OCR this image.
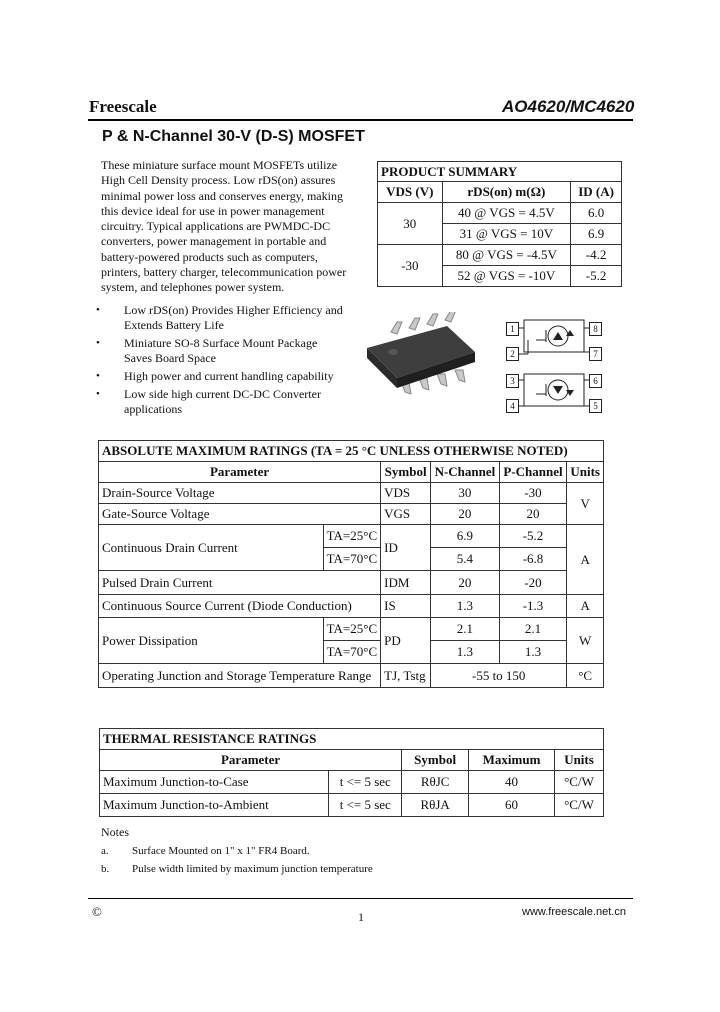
Freescale	AO4620/MC4620
P & N-Channel 30-V (D-S) MOSFET
These miniature surface mount MOSFETs utilize High Cell Density process. Low rDS(on) assures minimal power loss and conserves energy, making this device ideal for use in power management circuitry. Typical applications are PWMDC-DC converters, power management in portable and battery-powered products such as computers, printers, battery charger, telecommunication power system, and telephones power system.
• Low rDS(on) Provides Higher Efficiency and Extends Battery Life
• Miniature SO-8 Surface Mount Package Saves Board Space
• High power and current handling capability
• Low side high current DC-DC Converter applications
PRODUCT SUMMARY		
VDS (V)	rDS(on) m(Ω)	ID (A)
30	40 @ VGS = 4.5V	6.0
	31 @ VGS = 10V	6.9
-30	80 @ VGS = -4.5V	-4.2
	52 @ VGS = -10V	-5.2
1
2
3
4
8
7
6
5
ABSOLUTE MAXIMUM RATINGS (TA = 25 °C UNLESS OTHERWISE NOTED)					
Parameter		Symbol	N-Channel	P-Channel	Units
Drain-Source Voltage		VDS	30	-30	V
Gate-Source Voltage		VGS	20	20	
Continuous Drain Current	TA=25°C	ID	6.9	-5.2	A
	TA=70°C		5.4	-6.8	
Pulsed Drain Current		IDM	20	-20	
Continuous Source Current (Diode Conduction)		IS	1.3	-1.3	A
Power Dissipation	TA=25°C	PD	2.1	2.1	W
	TA=70°C		1.3	1.3	
Operating Junction and Storage Temperature Range		TJ, Tstg	-55 to 150		°C
THERMAL RESISTANCE RATINGS				
Parameter		Symbol	Maximum	Units
Maximum Junction-to-Case	t <= 5 sec	RθJC	40	°C/W
Maximum Junction-to-Ambient	t <= 5 sec	RθJA	60	°C/W
Notes
a. Surface Mounted on 1" x 1" FR4 Board.
b. Pulse width limited by maximum junction temperature
©	1	www.freescale.net.cn
